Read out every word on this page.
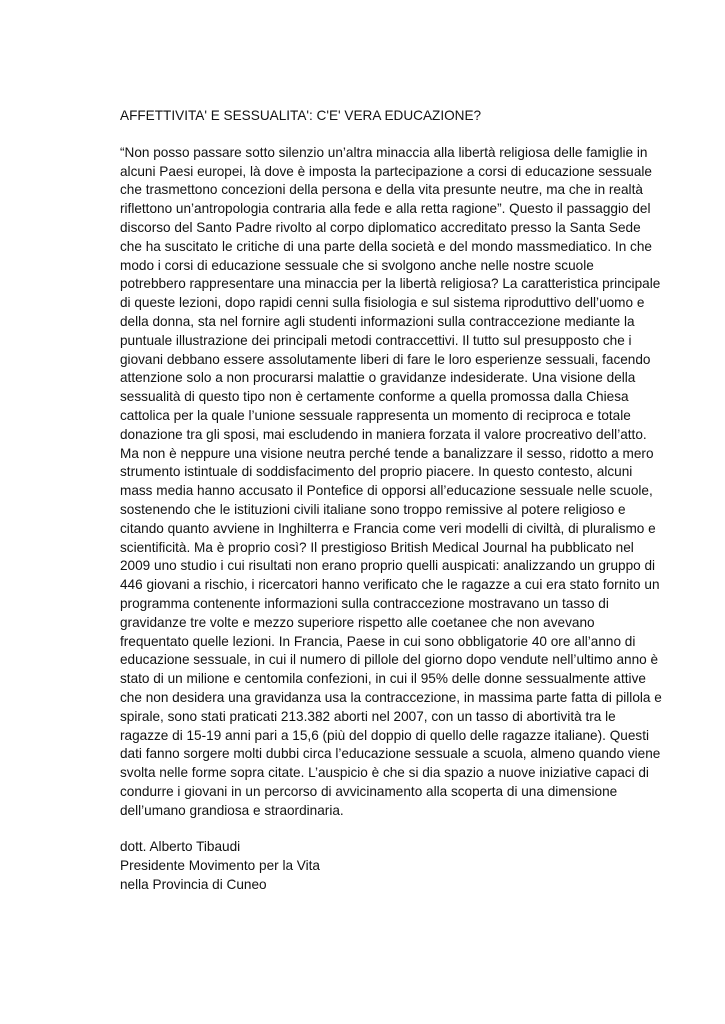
AFFETTIVITA' E SESSUALITA': C'E' VERA EDUCAZIONE?
“Non posso passare sotto silenzio un’altra minaccia alla libertà religiosa delle famiglie in
alcuni Paesi europei, là dove è imposta la partecipazione a corsi di educazione sessuale
che trasmettono concezioni della persona e della vita presunte neutre, ma che in realtà
riflettono un’antropologia contraria alla fede e alla retta ragione”. Questo il passaggio del
discorso del Santo Padre rivolto al corpo diplomatico accreditato presso la Santa Sede
che ha suscitato le critiche di una parte della società e del mondo massmediatico. In che
modo i corsi di educazione sessuale che si svolgono anche nelle nostre scuole
potrebbero rappresentare una minaccia per la libertà religiosa? La caratteristica principale
di queste lezioni, dopo rapidi cenni sulla fisiologia e sul sistema riproduttivo dell’uomo e
della donna, sta nel fornire agli studenti informazioni sulla contraccezione mediante la
puntuale illustrazione dei principali metodi contraccettivi. Il tutto sul presupposto che i
giovani debbano essere assolutamente liberi di fare le loro esperienze sessuali, facendo
attenzione solo a non procurarsi malattie o gravidanze indesiderate. Una visione della
sessualità di questo tipo non è certamente conforme a quella promossa dalla Chiesa
cattolica per la quale l’unione sessuale rappresenta un momento di reciproca e totale
donazione tra gli sposi, mai escludendo in maniera forzata il valore procreativo dell’atto.
Ma non è neppure una visione neutra perché tende a banalizzare il sesso, ridotto a mero
strumento istintuale di soddisfacimento del proprio piacere. In questo contesto, alcuni
mass media hanno accusato il Pontefice di opporsi all’educazione sessuale nelle scuole,
sostenendo che le istituzioni civili italiane sono troppo remissive al potere religioso e
citando quanto avviene in Inghilterra e Francia come veri modelli di civiltà, di pluralismo e
scientificità. Ma è proprio così? Il prestigioso British Medical Journal ha pubblicato nel
2009 uno studio i cui risultati non erano proprio quelli auspicati: analizzando un gruppo di
446 giovani a rischio, i ricercatori hanno verificato che le ragazze a cui era stato fornito un
programma contenente informazioni sulla contraccezione mostravano un tasso di
gravidanze tre volte e mezzo superiore rispetto alle coetanee che non avevano
frequentato quelle lezioni. In Francia, Paese in cui sono obbligatorie 40 ore all’anno di
educazione sessuale, in cui il numero di pillole del giorno dopo vendute nell’ultimo anno è
stato di un milione e centomila confezioni, in cui il 95% delle donne sessualmente attive
che non desidera una gravidanza usa la contraccezione, in massima parte fatta di pillola e
spirale, sono stati praticati 213.382 aborti nel 2007, con un tasso di abortività tra le
ragazze di 15-19 anni pari a 15,6 (più del doppio di quello delle ragazze italiane). Questi
dati fanno sorgere molti dubbi circa l’educazione sessuale a scuola, almeno quando viene
svolta nelle forme sopra citate. L’auspicio è che si dia spazio a nuove iniziative capaci di
condurre i giovani in un percorso di avvicinamento alla scoperta di una dimensione
dell’umano grandiosa e straordinaria.
dott. Alberto Tibaudi
Presidente Movimento per la Vita
nella Provincia di Cuneo
